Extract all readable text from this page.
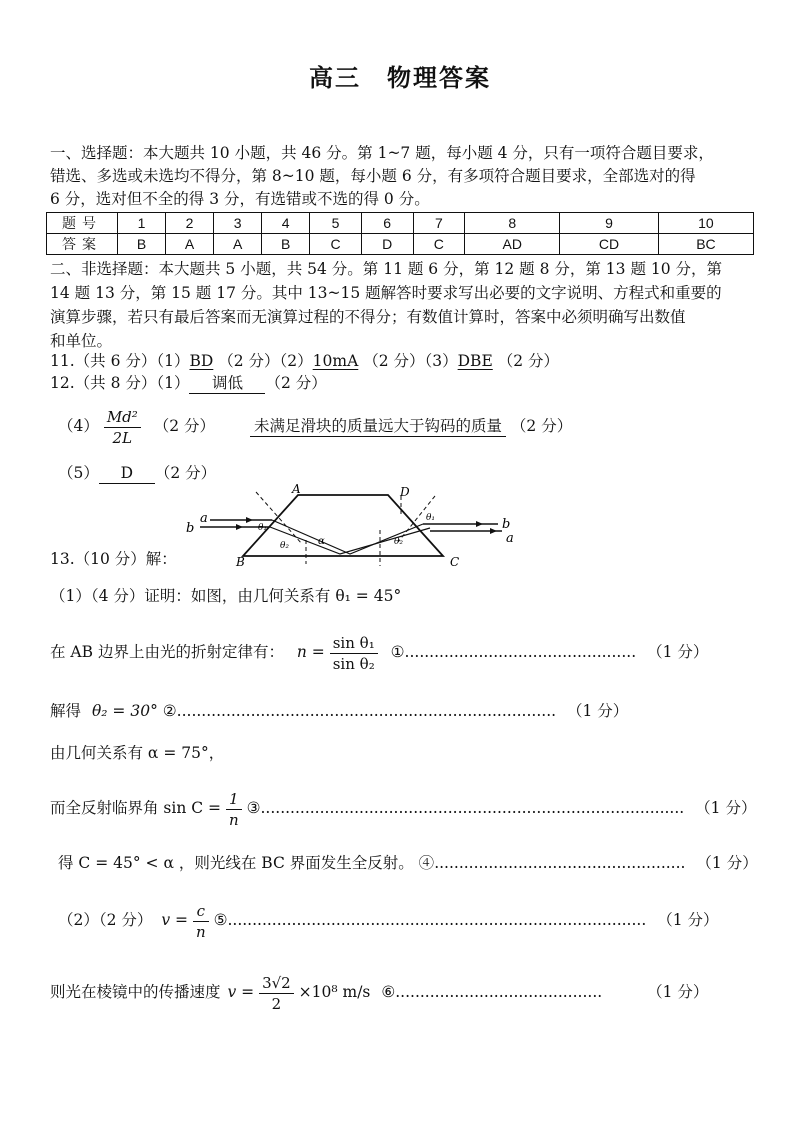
高三　物理答案
一、选择题：本大题共 10 小题，共 46 分。第 1~7 题，每小题 4 分，只有一项符合题目要求，
错选、多选或未选均不得分，第 8~10 题，每小题 6 分，有多项符合题目要求，全部选对的得
6 分，选对但不全的得 3 分，有选错或不选的得 0 分。
题号	1	2	3	4	5	6	7	8	9	10
答案	B	A	A	B	C	D	C	AD	CD	BC
二、非选择题：本大题共 5 小题，共 54 分。第 11 题 6 分，第 12 题 8 分，第 13 题 10 分，第
14 题 13 分，第 15 题 17 分。其中 13~15 题解答时要求写出必要的文字说明、方程式和重要的
演算步骤，若只有最后答案而无演算过程的不得分；有数值计算时，答案中必须明确写出数值
和单位。
11.（共 6 分）（1）BD （2 分）（2）10mA （2 分）（3）DBE （2 分）
12.（共 8 分）（1） 调低 （2 分）
$(4) \frac{\text{Md²}}{2L} (2$ 分）	未满足滑块的质量远大于钩码的质量 （2 分）
（5） D （2 分）
A	D
B	C
a
b	b
a
θ₁
θ₂	α	θ₂
θ₁
13.（10 分）解：
（1）（4 分）证明：如图，由几何关系有 θ₁ = 45°
在 AB 边界上由光的折射定律有： $n = \frac{\text{sin θ₁}}{\text{sin θ₂}}$ ①............................................... （1 分）
解得 θ₂ = 30° ②............................................................................. （1 分）
由几何关系有 α = 75°，
而全反射临界角 $\sin C = \frac{1}{n}$ ③...................................................................................... （1 分）
得 C = 45° < α ，则光线在 BC 界面发生全反射。 ④................................................... （1 分）
（2）（2 分） $v = \frac{c}{n}$ ⑤..................................................................................... （1 分）
则光在棱镜中的传播速度 $v = \frac{3√2}{2} \times 10^8$ m/s ⑥..........................................	（1 分）
